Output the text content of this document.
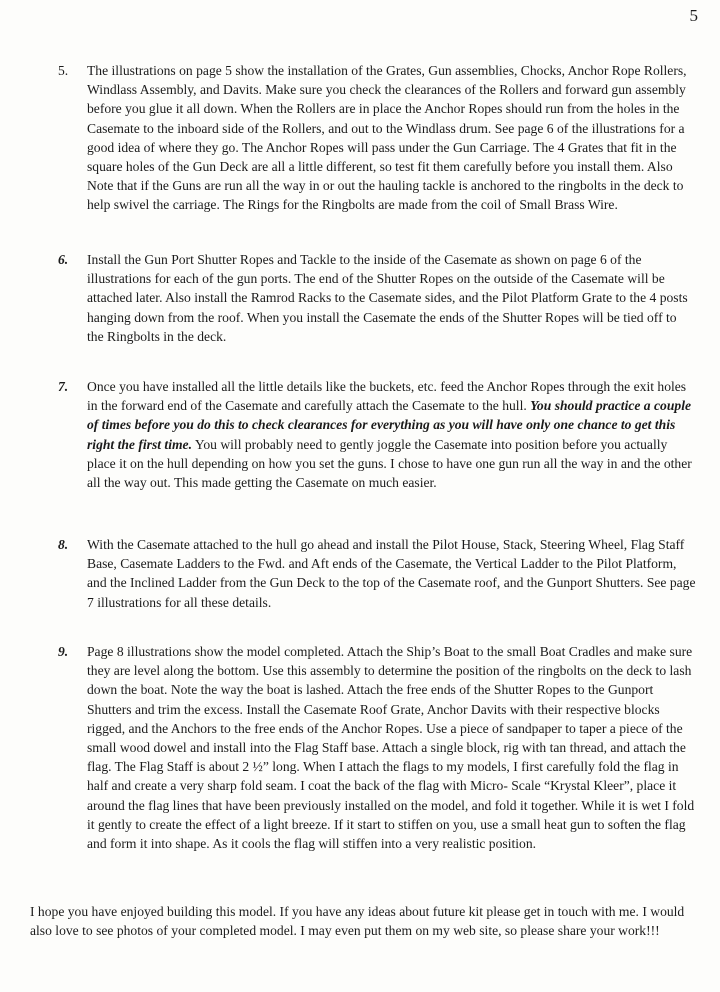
5
5. The illustrations on page 5 show the installation of the Grates, Gun assemblies, Chocks, Anchor Rope Rollers, Windlass Assembly, and Davits. Make sure you check the clearances of the Rollers and forward gun assembly before you glue it all down. When the Rollers are in place the Anchor Ropes should run from the holes in the Casemate to the inboard side of the Rollers, and out to the Windlass drum. See page 6 of the illustrations for a good idea of where they go. The Anchor Ropes will pass under the Gun Carriage. The 4 Grates that fit in the square holes of the Gun Deck are all a little different, so test fit them carefully before you install them. Also Note that if the Guns are run all the way in or out the hauling tackle is anchored to the ringbolts in the deck to help swivel the carriage. The Rings for the Ringbolts are made from the coil of Small Brass Wire.
6. Install the Gun Port Shutter Ropes and Tackle to the inside of the Casemate as shown on page 6 of the illustrations for each of the gun ports. The end of the Shutter Ropes on the outside of the Casemate will be attached later. Also install the Ramrod Racks to the Casemate sides, and the Pilot Platform Grate to the 4 posts hanging down from the roof. When you install the Casemate the ends of the Shutter Ropes will be tied off to the Ringbolts in the deck.
7. Once you have installed all the little details like the buckets, etc. feed the Anchor Ropes through the exit holes in the forward end of the Casemate and carefully attach the Casemate to the hull. You should practice a couple of times before you do this to check clearances for everything as you will have only one chance to get this right the first time. You will probably need to gently joggle the Casemate into position before you actually place it on the hull depending on how you set the guns. I chose to have one gun run all the way in and the other all the way out. This made getting the Casemate on much easier.
8. With the Casemate attached to the hull go ahead and install the Pilot House, Stack, Steering Wheel, Flag Staff Base, Casemate Ladders to the Fwd. and Aft ends of the Casemate, the Vertical Ladder to the Pilot Platform, and the Inclined Ladder from the Gun Deck to the top of the Casemate roof, and the Gunport Shutters. See page 7 illustrations for all these details.
9. Page 8 illustrations show the model completed. Attach the Ship’s Boat to the small Boat Cradles and make sure they are level along the bottom. Use this assembly to determine the position of the ringbolts on the deck to lash down the boat. Note the way the boat is lashed. Attach the free ends of the Shutter Ropes to the Gunport Shutters and trim the excess. Install the Casemate Roof Grate, Anchor Davits with their respective blocks rigged, and the Anchors to the free ends of the Anchor Ropes. Use a piece of sandpaper to taper a piece of the small wood dowel and install into the Flag Staff base. Attach a single block, rig with tan thread, and attach the flag. The Flag Staff is about 2 ½” long. When I attach the flags to my models, I first carefully fold the flag in half and create a very sharp fold seam. I coat the back of the flag with Micro- Scale “Krystal Kleer”, place it around the flag lines that have been previously installed on the model, and fold it together. While it is wet I fold it gently to create the effect of a light breeze. If it start to stiffen on you, use a small heat gun to soften the flag and form it into shape. As it cools the flag will stiffen into a very realistic position.
I hope you have enjoyed building this model. If you have any ideas about future kit please get in touch with me. I would also love to see photos of your completed model. I may even put them on my web site, so please share your work!!!
